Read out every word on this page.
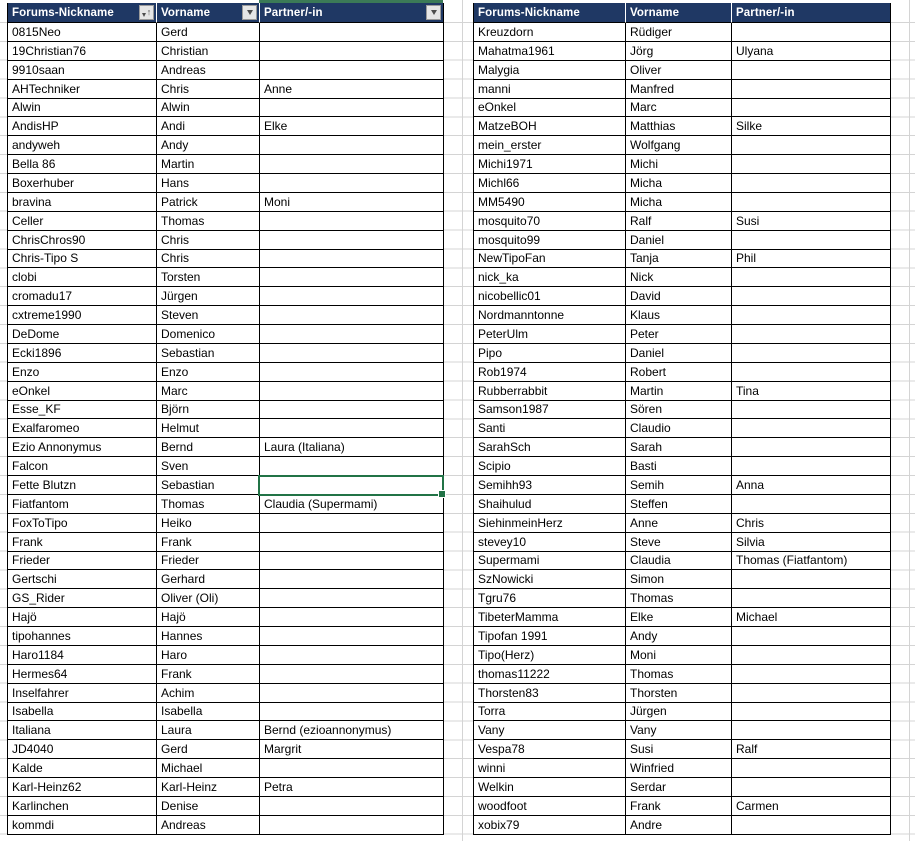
Forums-Nickname	↑ Vorname	Partner/-in
0815Neo	Gerd
19Christian76	Christian
9910saan	Andreas
AHTechniker	Chris	Anne
Alwin	Alwin
AndisHP	Andi	Elke
andyweh	Andy
Bella 86	Martin
Boxerhuber	Hans
bravina	Patrick	Moni
Celler	Thomas
ChrisChros90	Chris
Chris-Tipo S	Chris
clobi	Torsten
cromadu17	Jürgen
cxtreme1990	Steven
DeDome	Domenico
Ecki1896	Sebastian
Enzo	Enzo
eOnkel	Marc
Esse_KF	Björn
Exalfaromeo	Helmut
Ezio Annonymus	Bernd	Laura (Italiana)
Falcon	Sven
Fette Blutzn	Sebastian
Fiatfantom	Thomas	Claudia (Supermami)
FoxToTipo	Heiko
Frank	Frank
Frieder	Frieder
Gertschi	Gerhard
GS_Rider	Oliver (Oli)
Hajö	Hajö
tipohannes	Hannes
Haro1184	Haro
Hermes64	Frank
Inselfahrer	Achim
Isabella	Isabella
Italiana	Laura	Bernd (ezioannonymus)
JD4040	Gerd	Margrit
Kalde	Michael
Karl-Heinz62	Karl-Heinz	Petra
Karlinchen	Denise
kommdi	Andreas
Forums-Nickname	Vorname	Partner/-in
Kreuzdorn	Rüdiger
Mahatma1961	Jörg	Ulyana
Malygia	Oliver
manni	Manfred
eOnkel	Marc
MatzeBOH	Matthias	Silke
mein_erster	Wolfgang
Michi1971	Michi
Michl66	Micha
MM5490	Micha
mosquito70	Ralf	Susi
mosquito99	Daniel
NewTipoFan	Tanja	Phil
nick_ka	Nick
nicobellic01	David
Nordmanntonne	Klaus
PeterUlm	Peter
Pipo	Daniel
Rob1974	Robert
Rubberrabbit	Martin	Tina
Samson1987	Sören
Santi	Claudio
SarahSch	Sarah
Scipio	Basti
Semihh93	Semih	Anna
Shaihulud	Steffen
SiehinmeinHerz	Anne	Chris
stevey10	Steve	Silvia
Supermami	Claudia	Thomas (Fiatfantom)
SzNowicki	Simon
Tgru76	Thomas
TibeterMamma	Elke	Michael
Tipofan 1991	Andy
Tipo(Herz)	Moni
thomas11222	Thomas
Thorsten83	Thorsten
Torra	Jürgen
Vany	Vany
Vespa78	Susi	Ralf
winni	Winfried
Welkin	Serdar
woodfoot	Frank	Carmen
xobix79	Andre
